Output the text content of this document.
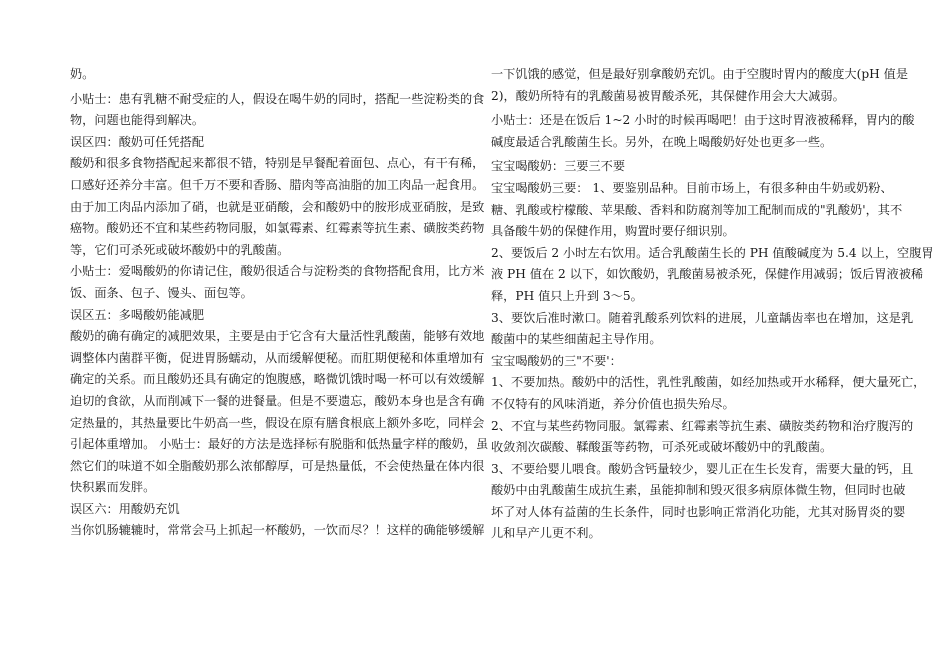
奶。
小贴士：患有乳糖不耐受症的人，假设在喝牛奶的同时，搭配一些淀粉类的食
物，问题也能得到解决。
误区四：酸奶可任凭搭配
酸奶和很多食物搭配起来都很不错，特别是早餐配着面包、点心，有干有稀，
口感好还养分丰富。但千万不要和香肠、腊肉等高油脂的加工肉品一起食用。
由于加工肉品内添加了硝，也就是亚硝酸，会和酸奶中的胺形成亚硝胺，是致
癌物。酸奶还不宜和某些药物同服，如氯霉素、红霉素等抗生素、磺胺类药物
等，它们可杀死或破坏酸奶中的乳酸菌。
小贴士：爱喝酸奶的你请记住，酸奶很适合与淀粉类的食物搭配食用，比方米
饭、面条、包子、馒头、面包等。
误区五：多喝酸奶能减肥
酸奶的确有确定的减肥效果，主要是由于它含有大量活性乳酸菌，能够有效地
调整体内菌群平衡，促进胃肠蠕动，从而缓解便秘。而肛期便秘和体重增加有
确定的关系。而且酸奶还具有确定的饱腹感，略微饥饿时喝一杯可以有效缓解
迫切的食欲，从而削减下一餐的进餐量。但是不要遗忘，酸奶本身也是含有确
定热量的，其热量要比牛奶高一些，假设在原有膳食根底上额外多吃，同样会
引起体重增加。 小贴士：最好的方法是选择标有脱脂和低热量字样的酸奶，虽
然它们的味道不如全脂酸奶那么浓郁醇厚，可是热量低，不会使热量在体内很
快积累而发胖。
误区六：用酸奶充饥
当你饥肠辘辘时，常常会马上抓起一杯酸奶，一饮而尽？！这样的确能够缓解
一下饥饿的感觉，但是最好别拿酸奶充饥。由于空腹时胃内的酸度大(pH 值是
2)，酸奶所特有的乳酸菌易被胃酸杀死，其保健作用会大大减弱。
小贴士：还是在饭后 1~2 小时的时候再喝吧！由于这时胃液被稀释，胃内的酸
碱度最适合乳酸菌生长。另外，在晚上喝酸奶好处也更多一些。
宝宝喝酸奶：三要三不要
宝宝喝酸奶三要： 1、要鉴别品种。目前市场上，有很多种由牛奶或奶粉、
糖、乳酸或柠檬酸、苹果酸、香料和防腐剂等加工配制而成的"乳酸奶'，其不
具备酸牛奶的保健作用，购置时要仔细识别。
2、要饭后 2 小时左右饮用。适合乳酸菌生长的 PH 值酸碱度为 5.4 以上，空腹胃
液 PH 值在 2 以下，如饮酸奶，乳酸菌易被杀死，保健作用减弱；饭后胃液被稀
释，PH 值只上升到 3～5。
3、要饮后准时漱口。随着乳酸系列饮料的进展，儿童龋齿率也在增加，这是乳
酸菌中的某些细菌起主导作用。
宝宝喝酸奶的三"不要'：
1、不要加热。酸奶中的活性，乳性乳酸菌，如经加热或开水稀释，便大量死亡，
不仅特有的风味消逝，养分价值也损失殆尽。
2、不宜与某些药物同服。氯霉素、红霉素等抗生素、磺胺类药物和治疗腹泻的
收敛剂次碳酸、鞣酸蛋等药物，可杀死或破坏酸奶中的乳酸菌。
3、不要给婴儿喂食。酸奶含钙量较少，婴儿正在生长发育，需要大量的钙，且
酸奶中由乳酸菌生成抗生素，虽能抑制和毁灭很多病原体微生物，但同时也破
坏了对人体有益菌的生长条件，同时也影响正常消化功能，尤其对肠胃炎的婴
儿和早产儿更不利。
